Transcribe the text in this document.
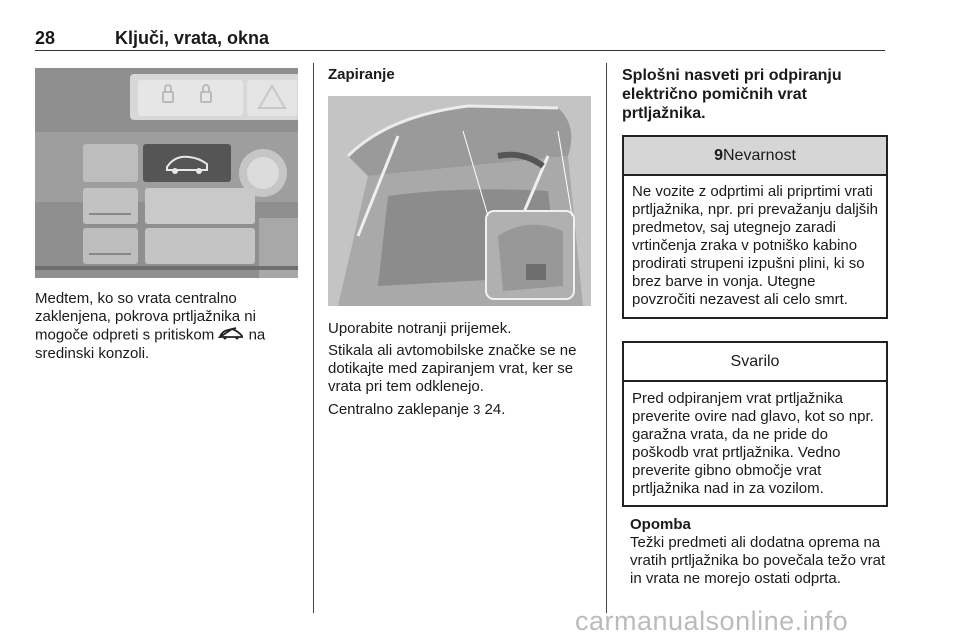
28	Ključi, vrata, okna
Medtem, ko so vrata centralno zaklenjena, pokrova prtljažnika ni mogoče odpreti s pritiskom na sredinski konzoli.
Zapiranje
Uporabite notranji prijemek.
Stikala ali avtomobilske značke se ne dotikajte med zapiranjem vrat, ker se vrata pri tem odklenejo.
Centralno zaklepanje 3 24.
Splošni nasveti pri odpiranju električno pomičnih vrat prtljažnika.
9Nevarnost
Ne vozite z odprtimi ali priprtimi vrati prtljažnika, npr. pri prevažanju daljših predmetov, saj utegnejo zaradi vrtinčenja zraka v potniško kabino prodirati strupeni izpušni plini, ki so brez barve in vonja. Utegne povzročiti nezavest ali celo smrt.
Svarilo
Pred odpiranjem vrat prtljažnika preverite ovire nad glavo, kot so npr. garažna vrata, da ne pride do poškodb vrat prtljažnika. Vedno preverite gibno območje vrat prtljažnika nad in za vozilom.
Opomba
Težki predmeti ali dodatna oprema na vratih prtljažnika bo povečala težo vrat in vrata ne morejo ostati odprta.
carmanualsonline.info
